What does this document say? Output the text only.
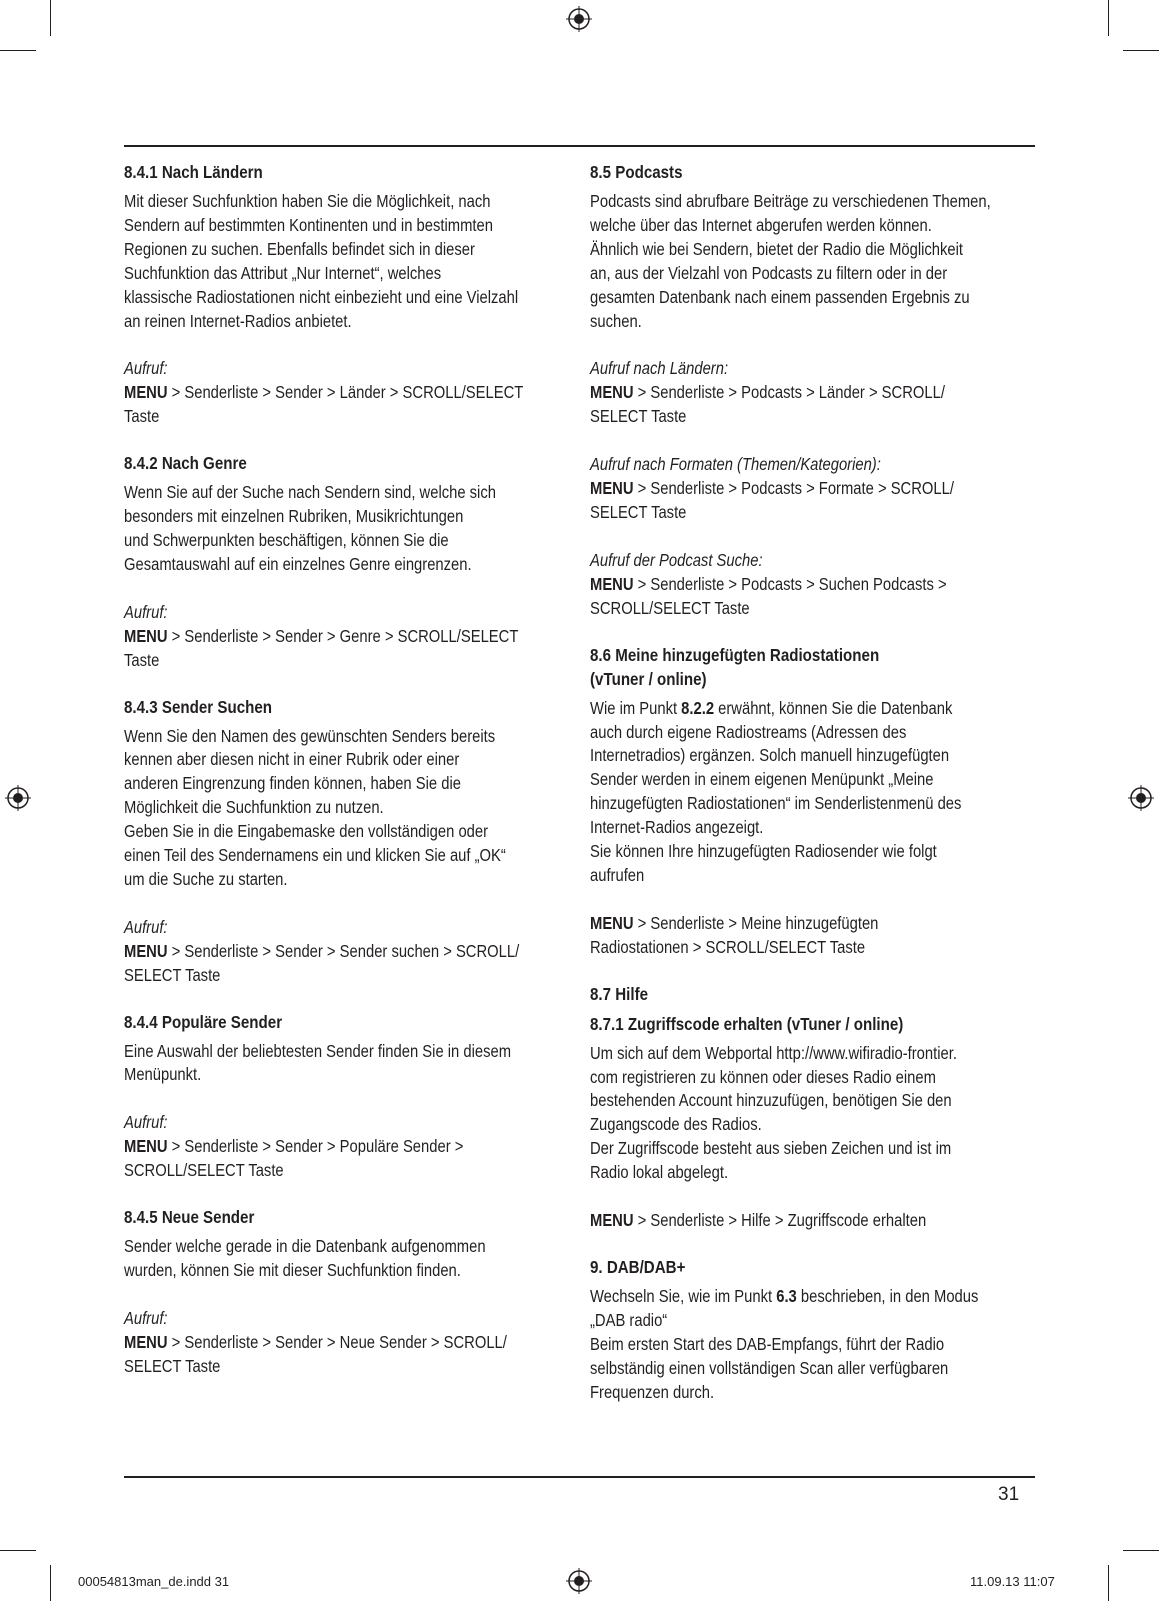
8.4.1 Nach Ländern

Mit dieser Suchfunktion haben Sie die Möglichkeit, nach

Sendern auf bestimmten Kontinenten und in bestimmten

Regionen zu suchen. Ebenfalls befindet sich in dieser

Suchfunktion das Attribut „Nur Internet“, welches

klassische Radiostationen nicht einbezieht und eine Vielzahl

an reinen Internet-Radios anbietet.

Aufruf:

MENU > Senderliste > Sender > Länder > SCROLL/SELECT

Taste

8.4.2 Nach Genre

Wenn Sie auf der Suche nach Sendern sind, welche sich

besonders mit einzelnen Rubriken, Musikrichtungen

und Schwerpunkten beschäftigen, können Sie die

Gesamtauswahl auf ein einzelnes Genre eingrenzen.

Aufruf:

MENU > Senderliste > Sender > Genre > SCROLL/SELECT

Taste

8.4.3 Sender Suchen

Wenn Sie den Namen des gewünschten Senders bereits

kennen aber diesen nicht in einer Rubrik oder einer

anderen Eingrenzung finden können, haben Sie die

Möglichkeit die Suchfunktion zu nutzen.

Geben Sie in die Eingabemaske den vollständigen oder

einen Teil des Sendernamens ein und klicken Sie auf „OK“

um die Suche zu starten.

Aufruf:

MENU > Senderliste > Sender > Sender suchen > SCROLL/

SELECT Taste

8.4.4 Populäre Sender

Eine Auswahl der beliebtesten Sender finden Sie in diesem

Menüpunkt.

Aufruf:

MENU > Senderliste > Sender > Populäre Sender >

SCROLL/SELECT Taste

8.4.5 Neue Sender

Sender welche gerade in die Datenbank aufgenommen

wurden, können Sie mit dieser Suchfunktion finden.

Aufruf:

MENU > Senderliste > Sender > Neue Sender > SCROLL/

SELECT Taste

8.5 Podcasts

Podcasts sind abrufbare Beiträge zu verschiedenen Themen,

welche über das Internet abgerufen werden können.

Ähnlich wie bei Sendern, bietet der Radio die Möglichkeit

an, aus der Vielzahl von Podcasts zu filtern oder in der

gesamten Datenbank nach einem passenden Ergebnis zu

suchen.

Aufruf nach Ländern:

MENU > Senderliste > Podcasts > Länder > SCROLL/

SELECT Taste

Aufruf nach Formaten (Themen/Kategorien):

MENU > Senderliste > Podcasts > Formate > SCROLL/

SELECT Taste

Aufruf der Podcast Suche:

MENU > Senderliste > Podcasts > Suchen Podcasts >

SCROLL/SELECT Taste

8.6 Meine hinzugefügten Radiostationen
(vTuner / online)

Wie im Punkt 8.2.2 erwähnt, können Sie die Datenbank

auch durch eigene Radiostreams (Adressen des

Internetradios) ergänzen. Solch manuell hinzugefügten

Sender werden in einem eigenen Menüpunkt „Meine

hinzugefügten Radiostationen“ im Senderlistenmenü des

Internet-Radios angezeigt.

Sie können Ihre hinzugefügten Radiosender wie folgt

aufrufen

MENU > Senderliste > Meine hinzugefügten

Radiostationen > SCROLL/SELECT Taste

8.7 Hilfe
8.7.1 Zugriffscode erhalten (vTuner / online)

Um sich auf dem Webportal http://www.wifiradio-frontier.

com registrieren zu können oder dieses Radio einem

bestehenden Account hinzuzufügen, benötigen Sie den

Zugangscode des Radios.

Der Zugriffscode besteht aus sieben Zeichen und ist im

Radio lokal abgelegt.

MENU > Senderliste > Hilfe > Zugriffscode erhalten

9. DAB/DAB+

Wechseln Sie, wie im Punkt 6.3 beschrieben, in den Modus

„DAB radio“

Beim ersten Start des DAB-Empfangs, führt der Radio

selbständig einen vollständigen Scan aller verfügbaren

Frequenzen durch.

31
00054813man_de.indd 31	11.09.13 11:07
